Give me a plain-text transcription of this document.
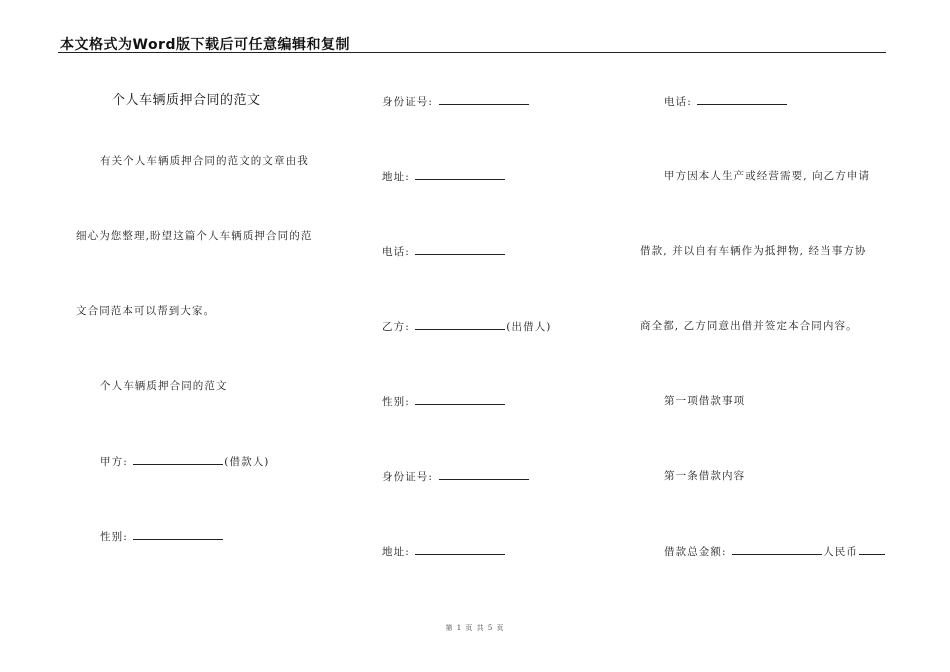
本文格式为Word版下载后可任意编辑和复制
个人车辆质押合同的范文
有关个人车辆质押合同的范文的文章由我
细心为您整理,盼望这篇个人车辆质押合同的范
文合同范本可以帮到大家。
个人车辆质押合同的范文
甲方:	(借款人)
性别:
身份证号:
地址:
电话:
乙方:	(出借人)
性别:
身份证号:
地址:
电话:
甲方因本人生产或经营需要, 向乙方申请
借款, 并以自有车辆作为抵押物, 经当事方协
商全都, 乙方同意出借并签定本合同内容。
第一项借款事项
第一条借款内容
借款总金额:	人民币
第 1 页 共 5 页
